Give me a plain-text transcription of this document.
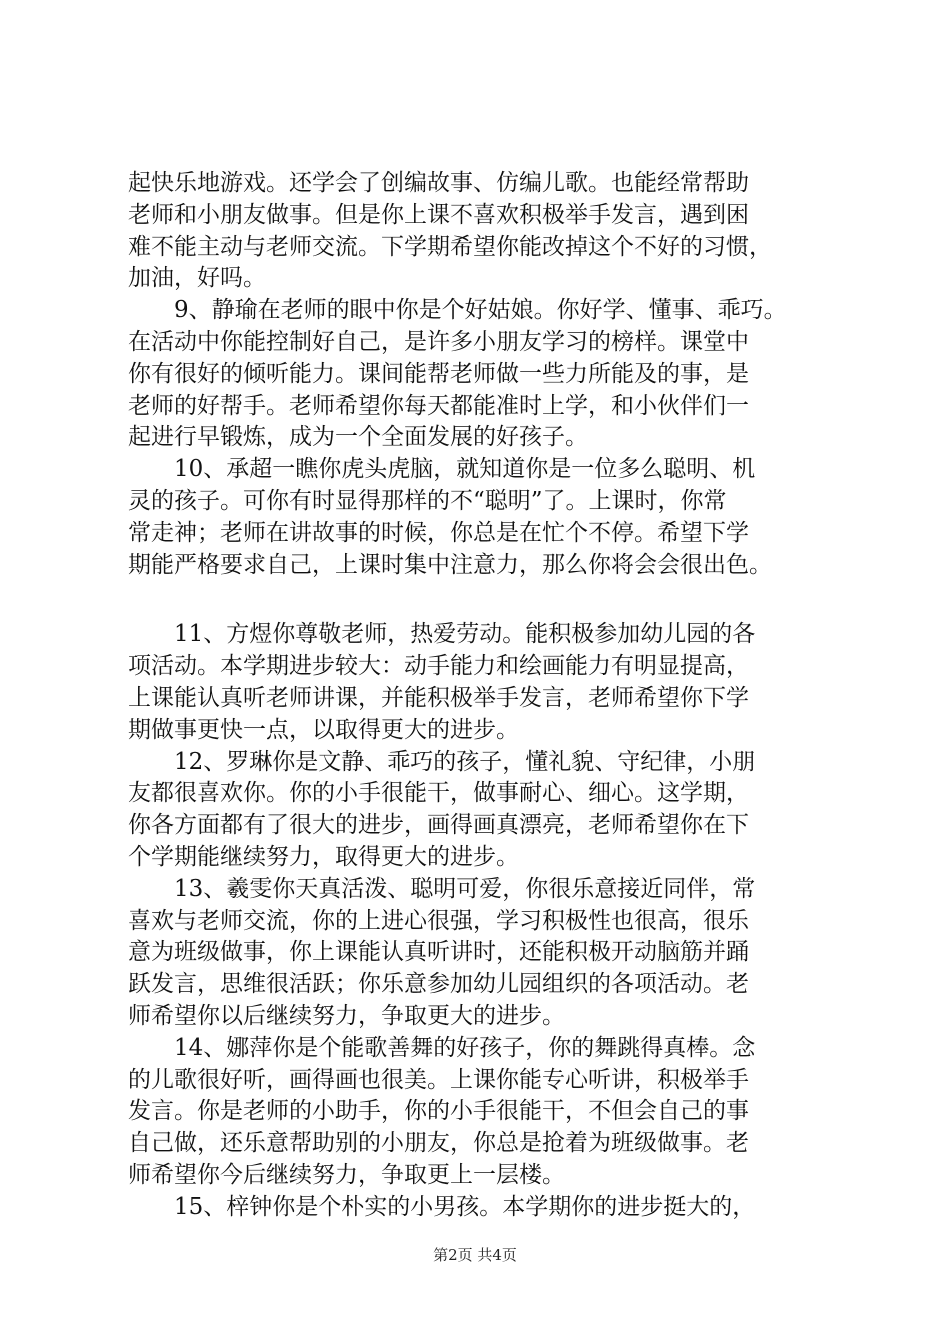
起快乐地游戏。还学会了创编故事、仿编儿歌。也能经常帮助
老师和小朋友做事。但是你上课不喜欢积极举手发言，遇到困
难不能主动与老师交流。下学期希望你能改掉这个不好的习惯，
加油，好吗。

9、静瑜在老师的眼中你是个好姑娘。你好学、懂事、乖巧。
在活动中你能控制好自己，是许多小朋友学习的榜样。课堂中
你有很好的倾听能力。课间能帮老师做一些力所能及的事，是
老师的好帮手。老师希望你每天都能准时上学，和小伙伴们一
起进行早锻炼，成为一个全面发展的好孩子。

10、承超一瞧你虎头虎脑，就知道你是一位多么聪明、机
灵的孩子。可你有时显得那样的不“聪明”了。上课时，你常
常走神；老师在讲故事的时候，你总是在忙个不停。希望下学
期能严格要求自己，上课时集中注意力，那么你将会会很出色。

11、方煜你尊敬老师，热爱劳动。能积极参加幼儿园的各
项活动。本学期进步较大：动手能力和绘画能力有明显提高，
上课能认真听老师讲课，并能积极举手发言，老师希望你下学
期做事更快一点，以取得更大的进步。

12、罗琳你是文静、乖巧的孩子，懂礼貌、守纪律，小朋
友都很喜欢你。你的小手很能干，做事耐心、细心。这学期，
你各方面都有了很大的进步，画得画真漂亮，老师希望你在下
个学期能继续努力，取得更大的进步。

13、羲雯你天真活泼、聪明可爱，你很乐意接近同伴，常
喜欢与老师交流，你的上进心很强，学习积极性也很高，很乐
意为班级做事，你上课能认真听讲时，还能积极开动脑筋并踊
跃发言，思维很活跃；你乐意参加幼儿园组织的各项活动。老
师希望你以后继续努力，争取更大的进步。

14、娜萍你是个能歌善舞的好孩子，你的舞跳得真棒。念
的儿歌很好听，画得画也很美。上课你能专心听讲，积极举手
发言。你是老师的小助手，你的小手很能干，不但会自己的事
自己做，还乐意帮助别的小朋友，你总是抢着为班级做事。老
师希望你今后继续努力，争取更上一层楼。

15、梓钟你是个朴实的小男孩。本学期你的进步挺大的，

第2页 共4页
